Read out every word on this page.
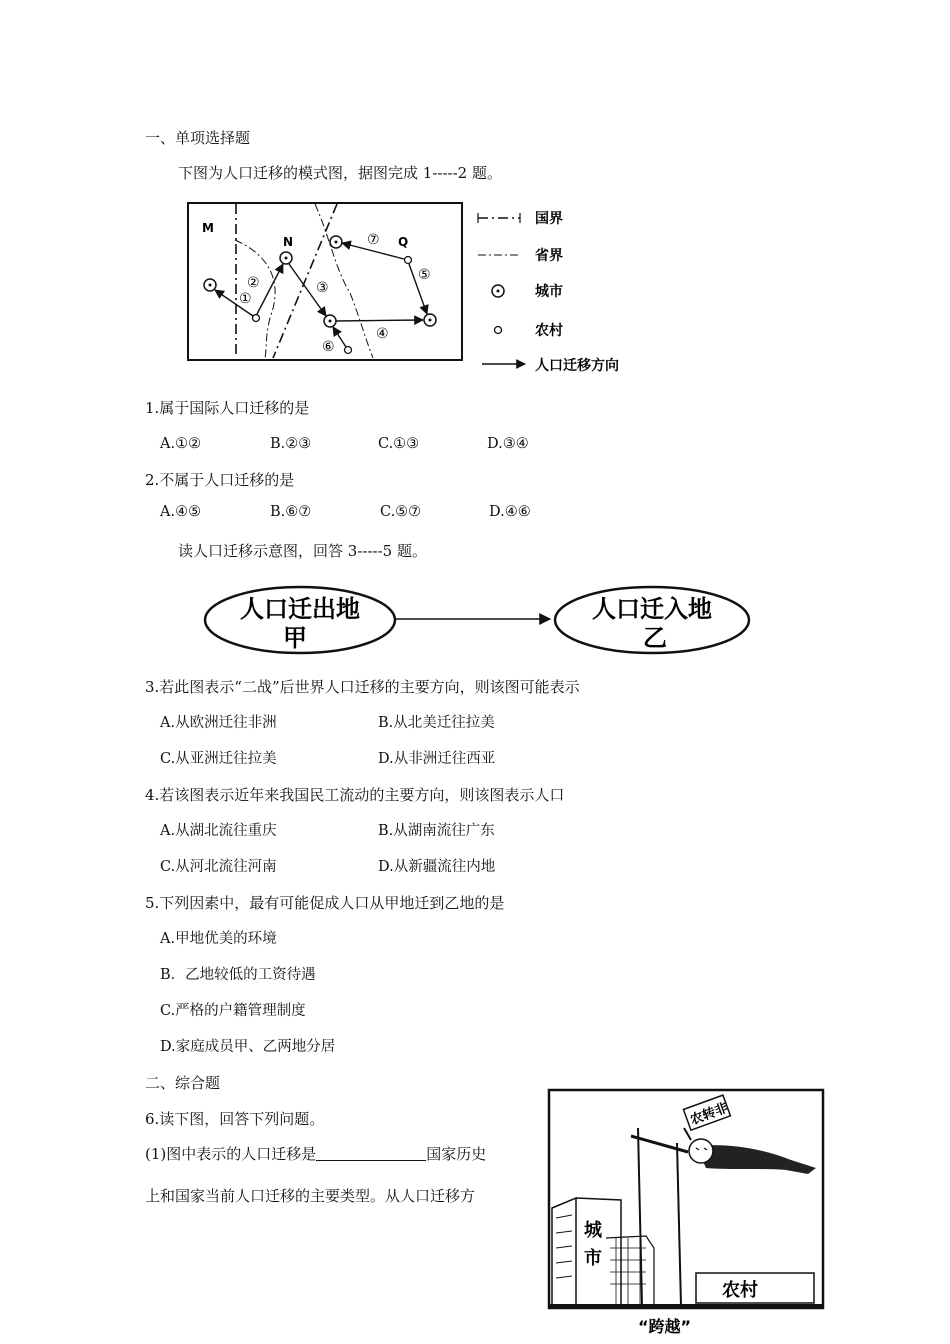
一、单项选择题
下图为人口迁移的模式图，据图完成 1-----2 题。
M
N	Q
①
②	③
④
⑤
⑥
⑦
国界
省界
城市
农村
人口迁移方向
1.属于国际人口迁移的是
A.①②	B.②③	C.①③	D.③④
2.不属于人口迁移的是
A.④⑤	B.⑥⑦	C.⑤⑦	D.④⑥
读人口迁移示意图，回答 3-----5 题。
人口迁出地
甲
人口迁入地
乙
3.若此图表示“二战”后世界人口迁移的主要方向，则该图可能表示
A.从欧洲迁往非洲	B.从北美迁往拉美
C.从亚洲迁往拉美	D.从非洲迁往西亚
4.若该图表示近年来我国民工流动的主要方向，则该图表示人口
A.从湖北流往重庆	B.从湖南流往广东
C.从河北流往河南	D.从新疆流往内地
5.下列因素中，最有可能促成人口从甲地迁到乙地的是
A.甲地优美的环境
B．乙地较低的工资待遇
C.严格的户籍管理制度
D.家庭成员甲、乙两地分居
二、综合题
6.读下图，回答下列问题。
(1)图中表示的人口迁移是	国家历史
上和国家当前人口迁移的主要类型。从人口迁移方
城
市
农村
农转非
“跨越”
